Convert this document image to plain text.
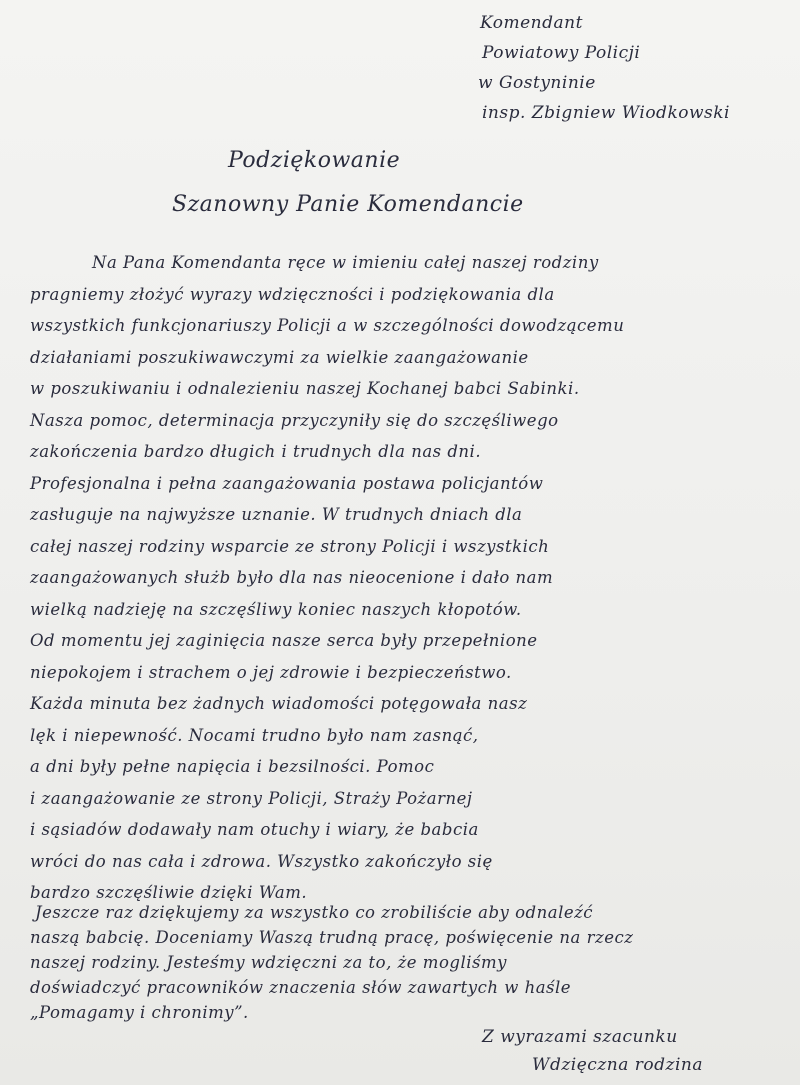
Komendant
Powiatowy Policji
w Gostyninie
insp. Zbigniew Wiodkowski
Podziękowanie
Szanowny Panie Komendancie
Na Pana Komendanta ręce w imieniu całej naszej rodziny
pragniemy złożyć wyrazy wdzięczności i podziękowania dla
wszystkich funkcjonariuszy Policji a w szczególności dowodzącemu
działaniami poszukiwawczymi za wielkie zaangażowanie
w poszukiwaniu i odnalezieniu naszej Kochanej babci Sabinki.
Nasza pomoc, determinacja przyczyniły się do szczęśliwego
zakończenia bardzo długich i trudnych dla nas dni.
Profesjonalna i pełna zaangażowania postawa policjantów
zasługuje na najwyższe uznanie. W trudnych dniach dla
całej naszej rodziny wsparcie ze strony Policji i wszystkich
zaangażowanych służb było dla nas nieocenione i dało nam
wielką nadzieję na szczęśliwy koniec naszych kłopotów.
Od momentu jej zaginięcia nasze serca były przepełnione
niepokojem i strachem o jej zdrowie i bezpieczeństwo.
Każda minuta bez żadnych wiadomości potęgowała nasz
lęk i niepewność. Nocami trudno było nam zasnąć,
a dni były pełne napięcia i bezsilności. Pomoc
i zaangażowanie ze strony Policji, Straży Pożarnej
i sąsiadów dodawały nam otuchy i wiary, że babcia
wróci do nas cała i zdrowa. Wszystko zakończyło się
bardzo szczęśliwie dzięki Wam.
Jeszcze raz dziękujemy za wszystko co zrobiliście aby odnaleźć
naszą babcię. Doceniamy Waszą trudną pracę, poświęcenie na rzecz
naszej rodziny. Jesteśmy wdzięczni za to, że mogliśmy
doświadczyć pracowników znaczenia słów zawartych w haśle
„Pomagamy i chronimy”.
Z wyrazami szacunku
Wdzięczna rodzina
